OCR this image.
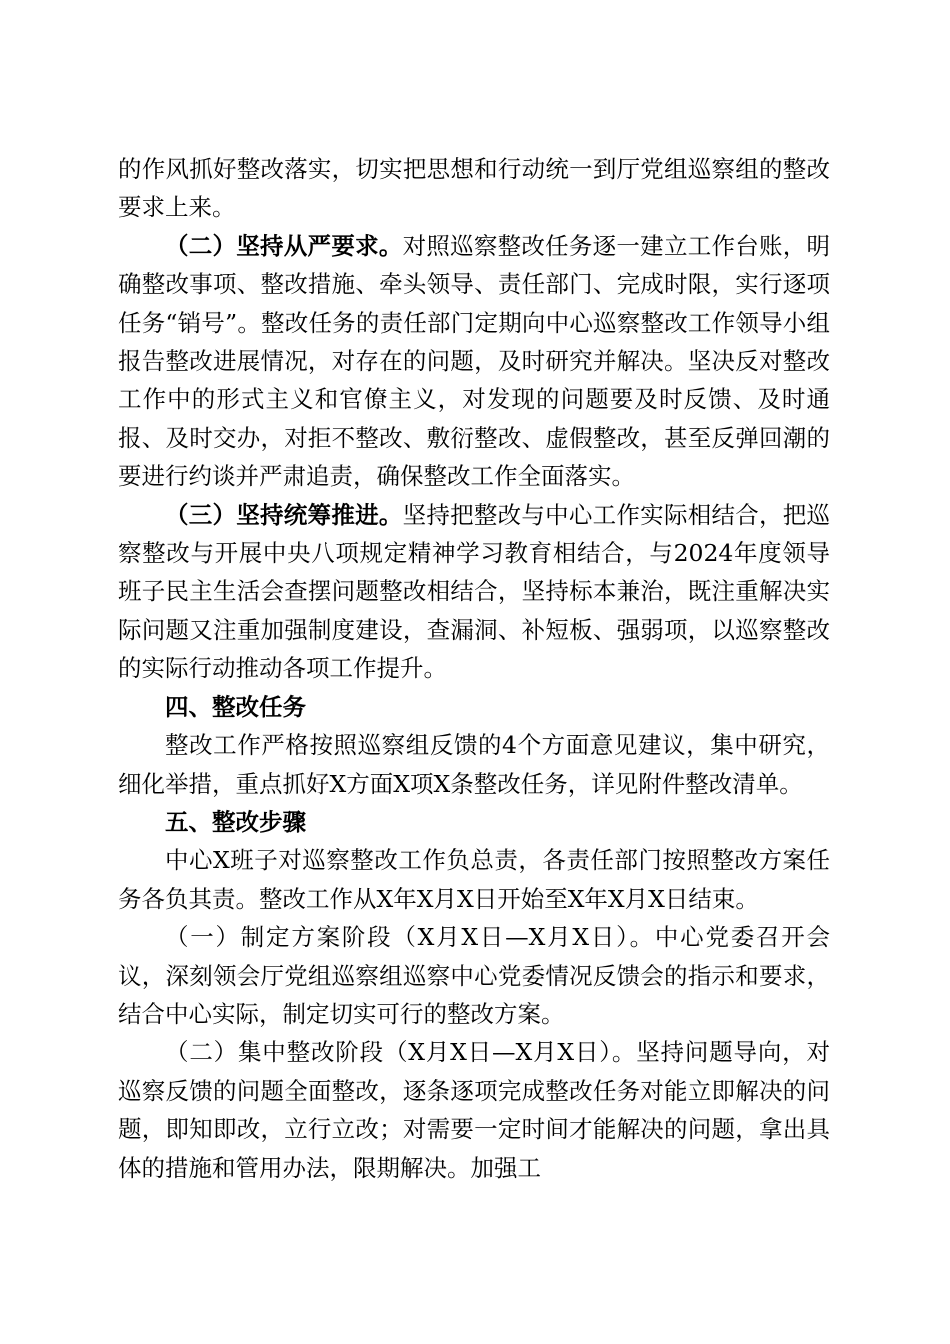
的作风抓好整改落实，切实把思想和行动统一到厅党组巡察组的整改要求上来。

（二）坚持从严要求。对照巡察整改任务逐一建立工作台账，明确整改事项、整改措施、牵头领导、责任部门、完成时限，实行逐项任务“销号”。整改任务的责任部门定期向中心巡察整改工作领导小组报告整改进展情况，对存在的问题，及时研究并解决。坚决反对整改工作中的形式主义和官僚主义，对发现的问题要及时反馈、及时通报、及时交办，对拒不整改、敷衍整改、虚假整改，甚至反弹回潮的要进行约谈并严肃追责，确保整改工作全面落实。

（三）坚持统筹推进。坚持把整改与中心工作实际相结合，把巡察整改与开展中央八项规定精神学习教育相结合，与2024年度领导班子民主生活会查摆问题整改相结合，坚持标本兼治，既注重解决实际问题又注重加强制度建设，查漏洞、补短板、强弱项，以巡察整改的实际行动推动各项工作提升。

四、整改任务

整改工作严格按照巡察组反馈的4个方面意见建议，集中研究，细化举措，重点抓好X方面X项X条整改任务，详见附件整改清单。

五、整改步骤

中心X班子对巡察整改工作负总责，各责任部门按照整改方案任务各负其责。整改工作从X年X月X日开始至X年X月X日结束。

（一）制定方案阶段（X月X日—X月X日）。中心党委召开会议，深刻领会厅党组巡察组巡察中心党委情况反馈会的指示和要求，结合中心实际，制定切实可行的整改方案。

（二）集中整改阶段（X月X日—X月X日）。坚持问题导向，对巡察反馈的问题全面整改，逐条逐项完成整改任务对能立即解决的问题，即知即改，立行立改；对需要一定时间才能解决的问题，拿出具体的措施和管用办法，限期解决。加强工
